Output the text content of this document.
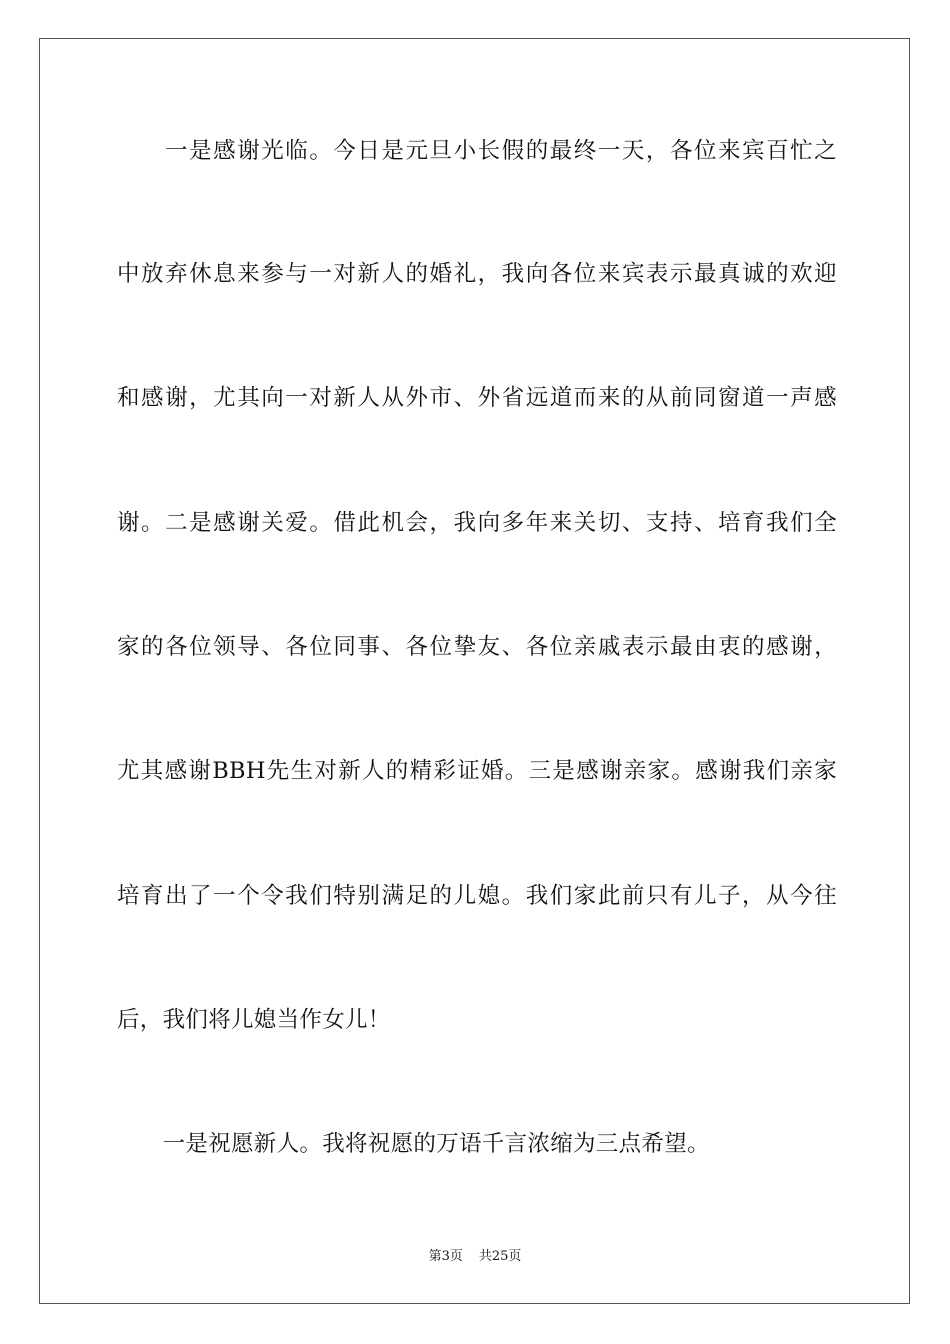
　　一是感谢光临。今日是元旦小长假的最终一天，各位来宾百忙之
中放弃休息来参与一对新人的婚礼，我向各位来宾表示最真诚的欢迎
和感谢，尤其向一对新人从外市、外省远道而来的从前同窗道一声感
谢。二是感谢关爱。借此机会，我向多年来关切、支持、培育我们全
家的各位领导、各位同事、各位挚友、各位亲戚表示最由衷的感谢，
尤其感谢BBH先生对新人的精彩证婚。三是感谢亲家。感谢我们亲家
培育出了一个令我们特别满足的儿媳。我们家此前只有儿子，从今往
后，我们将儿媳当作女儿！
　　一是祝愿新人。我将祝愿的万语千言浓缩为三点希望。
第3页 共25页
